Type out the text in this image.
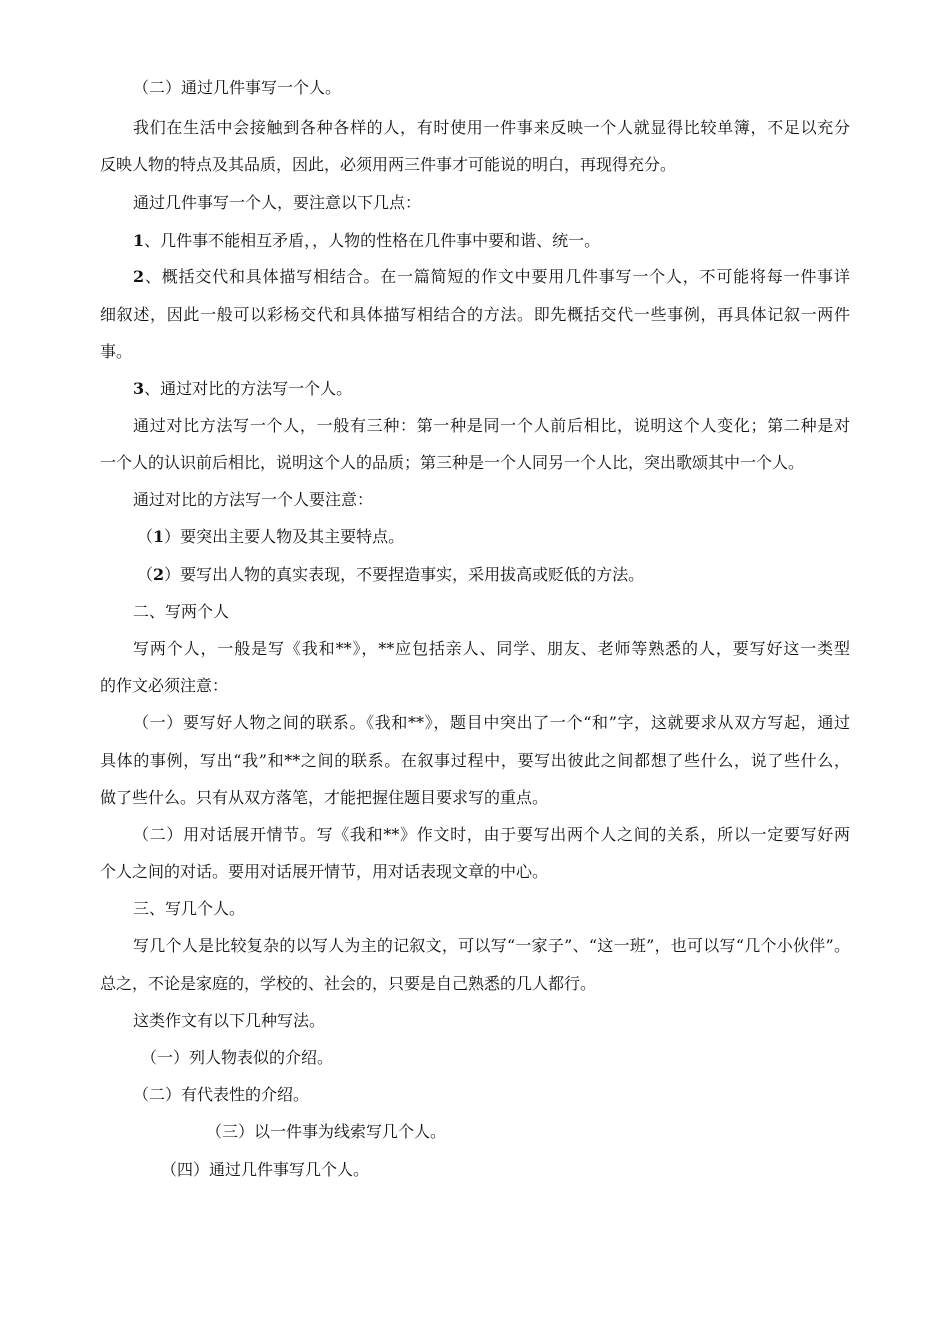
（二）通过几件事写一个人。
我们在生活中会接触到各种各样的人，有时使用一件事来反映一个人就显得比较单簿，不足以充分
反映人物的特点及其品质，因此，必须用两三件事才可能说的明白，再现得充分。
通过几件事写一个人，要注意以下几点：
1、几件事不能相互矛盾，，人物的性格在几件事中要和谐、统一。
2、概括交代和具体描写相结合。在一篇简短的作文中要用几件事写一个人，不可能将每一件事详
细叙述，因此一般可以彩杨交代和具体描写相结合的方法。即先概括交代一些事例，再具体记叙一两件
事。
3、通过对比的方法写一个人。
通过对比方法写一个人，一般有三种：第一种是同一个人前后相比，说明这个人变化；第二种是对
一个人的认识前后相比，说明这个人的品质；第三种是一个人同另一个人比，突出歌颂其中一个人。
通过对比的方法写一个人要注意：
（1）要突出主要人物及其主要特点。
（2）要写出人物的真实表现，不要捏造事实，采用拔高或贬低的方法。
二、写两个人
写两个人，一般是写《我和**》，**应包括亲人、同学、朋友、老师等熟悉的人，要写好这一类型
的作文必须注意：
（一）要写好人物之间的联系。《我和**》，题目中突出了一个“和”字，这就要求从双方写起，通过
具体的事例，写出“我”和**之间的联系。在叙事过程中，要写出彼此之间都想了些什么，说了些什么，
做了些什么。只有从双方落笔，才能把握住题目要求写的重点。
（二）用对话展开情节。写《我和**》作文时，由于要写出两个人之间的关系，所以一定要写好两
个人之间的对话。要用对话展开情节，用对话表现文章的中心。
三、写几个人。
写几个人是比较复杂的以写人为主的记叙文，可以写“一家子”、“这一班”，也可以写“几个小伙伴”。
总之，不论是家庭的，学校的、社会的，只要是自己熟悉的几人都行。
这类作文有以下几种写法。
（一）列人物表似的介绍。
（二）有代表性的介绍。
（三）以一件事为线索写几个人。
（四）通过几件事写几个人。
